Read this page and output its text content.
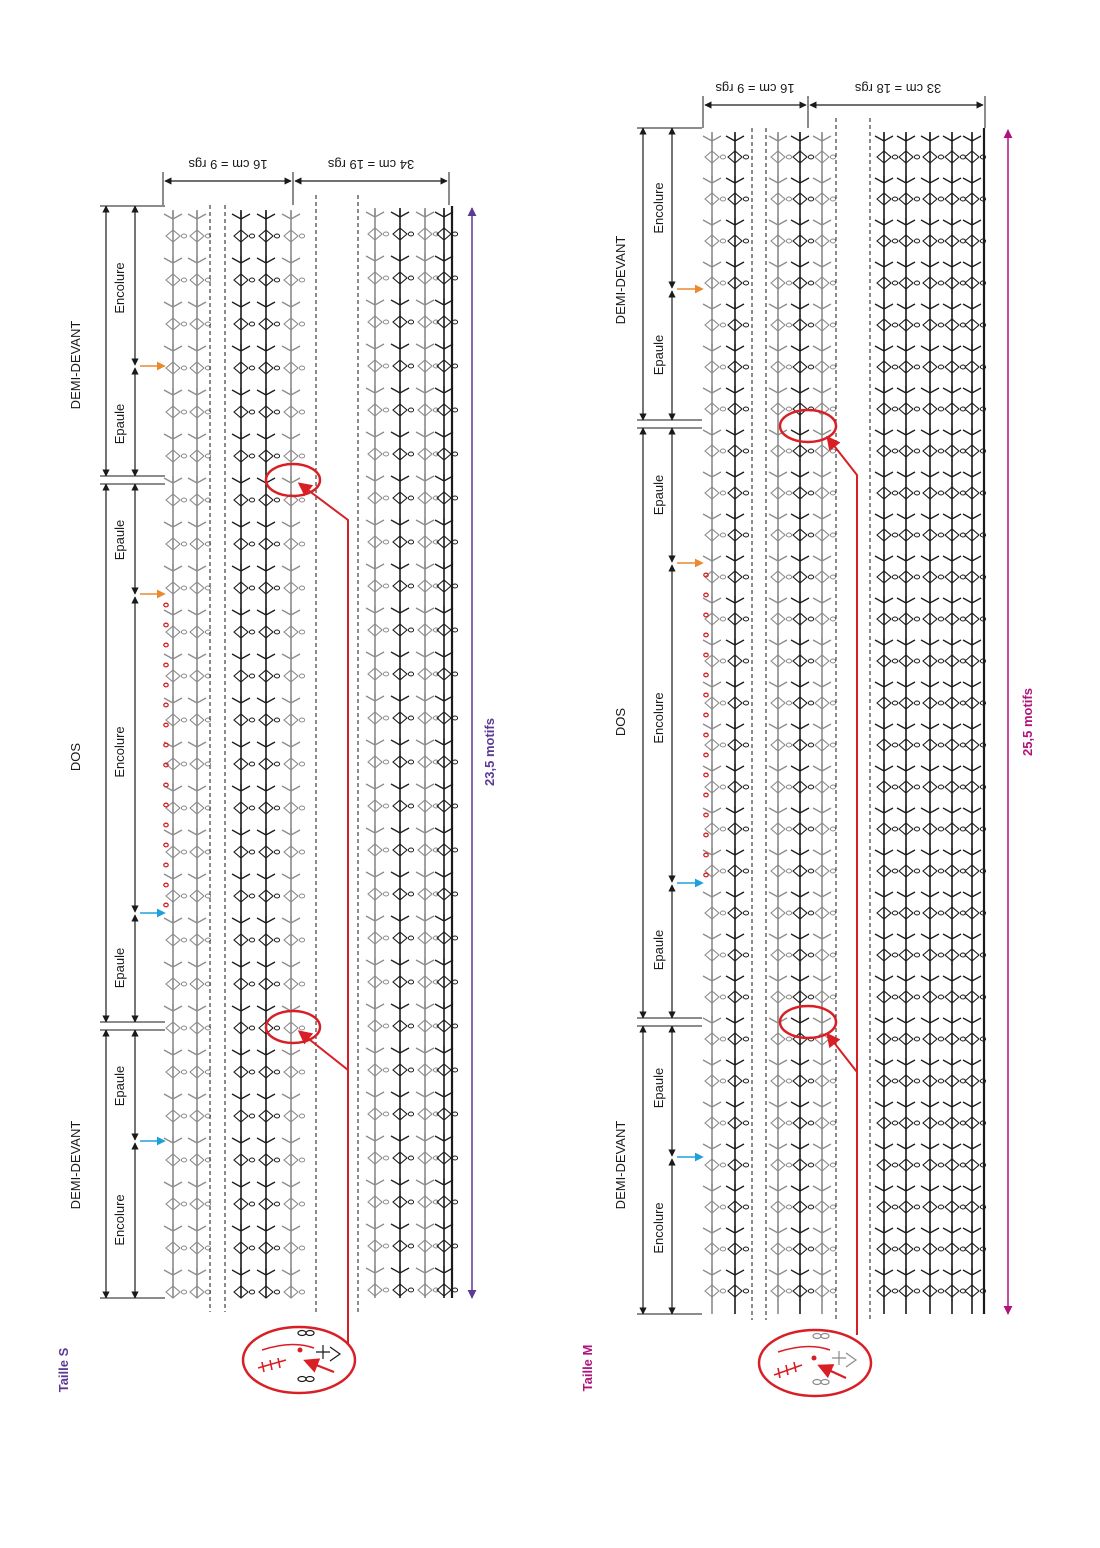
16 cm = 9 rgs	34 cm = 19 rgs
DEMI-DEVANT
DOS
DEMI-DEVANT
Encolure
Epaule
Epaule
Encolure
Epaule
Epaule
Encolure
23,5 motifs
Taille S
16 cm = 9 rgs	33 cm = 18 rgs
DEMI-DEVANT
DOS
DEMI-DEVANT
Encolure
Epaule
Epaule
Encolure
Epaule
Epaule
Encolure
25,5 motifs
Taille M
